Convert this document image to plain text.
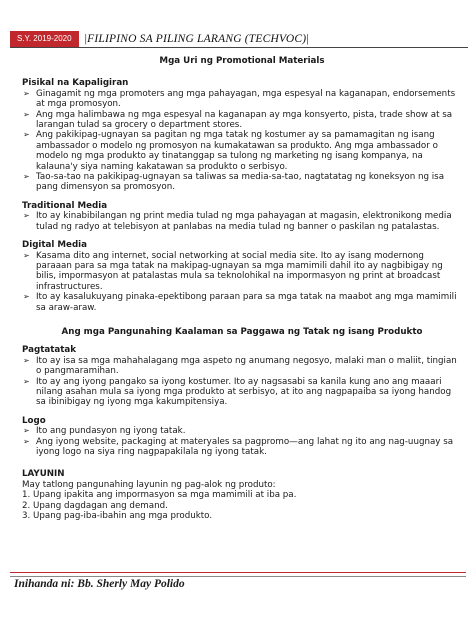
S.Y. 2019-2020	|FILIPINO SA PILING LARANG (TECHVOC)|
Mga Uri ng Promotional Materials
Pisikal na Kapaligiran
➢ Ginagamit ng mga promoters ang mga pahayagan, mga espesyal na kaganapan, endorsements at mga promosyon.
➢ Ang mga halimbawa ng mga espesyal na kaganapan ay mga konsyerto, pista, trade show at sa larangan tulad sa grocery o department stores.
➢ Ang pakikipag-ugnayan sa pagitan ng mga tatak ng kostumer ay sa pamamagitan ng isang ambassador o modelo ng promosyon na kumakatawan sa produkto. Ang mga ambassador o modelo ng mga produkto ay tinatanggap sa tulong ng marketing ng isang kompanya, na kalauna'y siya naming kakatawan sa produkto o serbisyo.
➢ Tao-sa-tao na pakikipag-ugnayan sa taliwas sa media-sa-tao, nagtatatag ng koneksyon ng isa pang dimensyon sa promosyon.
Traditional Media
➢ Ito ay kinabibilangan ng print media tulad ng mga pahayagan at magasin, elektronikong media tulad ng radyo at telebisyon at panlabas na media tulad ng banner o paskilan ng patalastas.
Digital Media
➢ Kasama dito ang internet, social networking at social media site. Ito ay isang modernong paraaan para sa mga tatak na makipag-ugnayan sa mga mamimili dahil ito ay nagbibigay ng bilis, impormasyon at patalastas mula sa teknolohikal na impormasyon ng print at broadcast infrastructures.
➢ Ito ay kasalukuyang pinaka-epektibong paraan para sa mga tatak na maabot ang mga mamimili sa araw-araw.
Ang mga Pangunahing Kaalaman sa Paggawa ng Tatak ng isang Produkto
Pagtatatak
➢ Ito ay isa sa mga mahahalagang mga aspeto ng anumang negosyo, malaki man o maliit, tingian o pangmaramihan.
➢ Ito ay ang iyong pangako sa iyong kostumer. Ito ay nagsasabi sa kanila kung ano ang maaari nilang asahan mula sa iyong mga produkto at serbisyo, at ito ang nagpapaiba sa iyong handog sa ibinibigay ng iyong mga kakumpitensiya.
Logo
➢ Ito ang pundasyon ng iyong tatak.
➢ Ang iyong website, packaging at materyales sa pagpromo—ang lahat ng ito ang nag-uugnay sa iyong logo na siya ring nagpapakilala ng iyong tatak.
LAYUNIN

May tatlong pangunahing layunin ng pag-alok ng produto:

1. Upang ipakita ang impormasyon sa mga mamimili at iba pa.

2. Upang dagdagan ang demand.

3. Upang pag-iba-ibahin ang mga produkto.

Inihanda ni: Bb. Sherly May Polido
